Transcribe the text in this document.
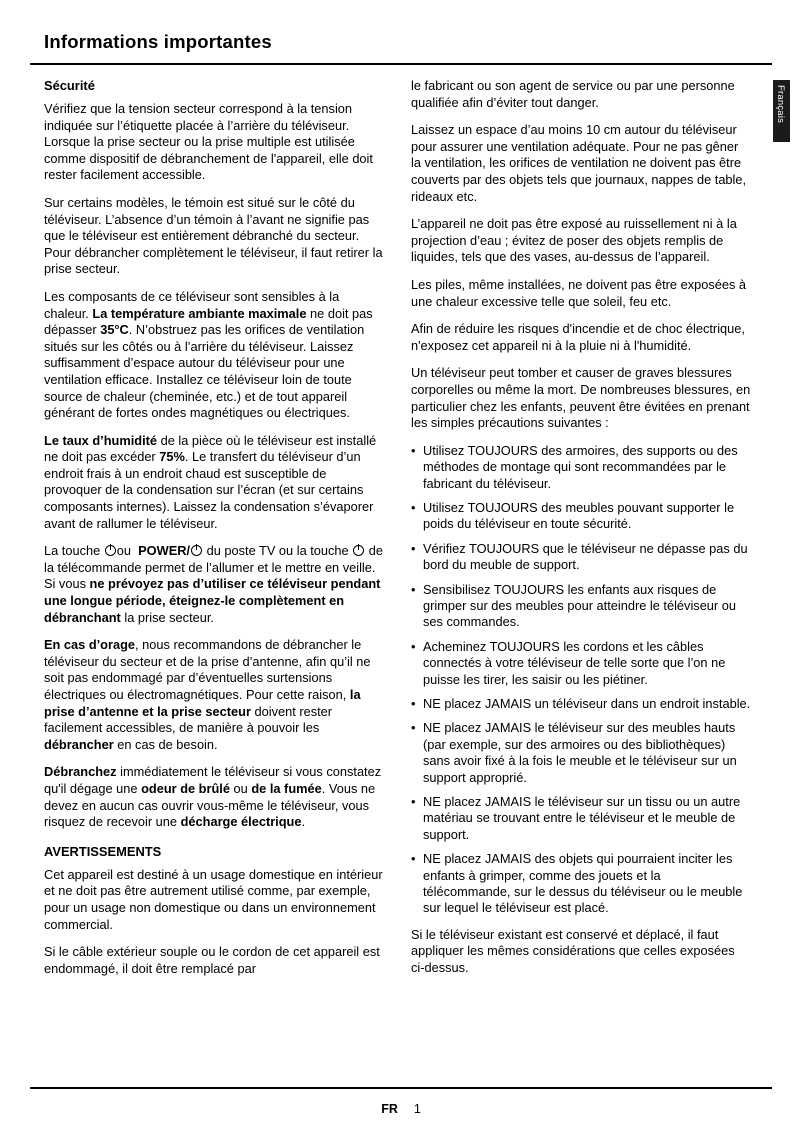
Informations importantes
Français
Sécurité

Vérifiez que la tension secteur correspond à la tension indiquée sur l’étiquette placée à l’arrière du téléviseur. Lorsque la prise secteur ou la prise multiple est utilisée comme dispositif de débranchement de l'appareil, elle doit rester facilement accessible.

Sur certains modèles, le témoin est situé sur le côté du téléviseur. L’absence d’un témoin à l’avant ne signifie pas que le téléviseur est entièrement débranché du secteur. Pour débrancher complètement le téléviseur, il faut retirer la prise secteur.

Les composants de ce téléviseur sont sensibles à la chaleur. La température ambiante maximale ne doit pas dépasser 35°C. N’obstruez pas les orifices de ventilation situés sur les côtés ou à l’arrière du téléviseur. Laissez suffisamment d’espace autour du téléviseur pour une ventilation efficace. Installez ce téléviseur loin de toute source de chaleur (cheminée, etc.) et de tout appareil générant de fortes ondes magnétiques ou électriques.

Le taux d’humidité de la pièce où le téléviseur est installé ne doit pas excéder 75%. Le transfert du téléviseur d’un endroit frais à un endroit chaud est susceptible de provoquer de la condensation sur l’écran (et sur certains composants internes). Laissez la condensation s’évaporer avant de rallumer le téléviseur.

La touche ou POWER/ du poste TV ou la touche de la télécommande permet de l’allumer et le mettre en veille. Si vous ne prévoyez pas d’utiliser ce téléviseur pendant une longue période, éteignez-le complètement en débranchant la prise secteur.

En cas d’orage, nous recommandons de débrancher le téléviseur du secteur et de la prise d’antenne, afin qu’il ne soit pas endommagé par d’éventuelles surtensions électriques ou électromagnétiques. Pour cette raison, la prise d’antenne et la prise secteur doivent rester facilement accessibles, de manière à pouvoir les débrancher en cas de besoin.

Débranchez immédiatement le téléviseur si vous constatez qu'il dégage une odeur de brûlé ou de la fumée. Vous ne devez en aucun cas ouvrir vous-même le téléviseur, vous risquez de recevoir une décharge électrique.

AVERTISSEMENTS

Cet appareil est destiné à un usage domestique en intérieur et ne doit pas être autrement utilisé comme, par exemple, pour un usage non domestique ou dans un environnement commercial.

Si le câble extérieur souple ou le cordon de cet appareil est endommagé, il doit être remplacé par

le fabricant ou son agent de service ou par une personne qualifiée afin d’éviter tout danger.

Laissez un espace d’au moins 10 cm autour du téléviseur pour assurer une ventilation adéquate. Pour ne pas gêner la ventilation, les orifices de ventilation ne doivent pas être couverts par des objets tels que journaux, nappes de table, rideaux etc.

L’appareil ne doit pas être exposé au ruissellement ni à la projection d’eau ; évitez de poser des objets remplis de liquides, tels que des vases, au-dessus de l’appareil.

Les piles, même installées, ne doivent pas être exposées à une chaleur excessive telle que soleil, feu etc.

Afin de réduire les risques d'incendie et de choc électrique, n'exposez cet appareil ni à la pluie ni à l'humidité.

Un téléviseur peut tomber et causer de graves blessures corporelles ou même la mort. De nombreuses blessures, en particulier chez les enfants, peuvent être évitées en prenant les simples précautions suivantes :

• Utilisez TOUJOURS des armoires, des supports ou des méthodes de montage qui sont recommandées par le fabricant du téléviseur.
• Utilisez TOUJOURS des meubles pouvant supporter le poids du téléviseur en toute sécurité.
• Vérifiez TOUJOURS que le téléviseur ne dépasse pas du bord du meuble de support.
• Sensibilisez TOUJOURS les enfants aux risques de grimper sur des meubles pour atteindre le téléviseur ou ses commandes.
• Acheminez TOUJOURS les cordons et les câbles connectés à votre téléviseur de telle sorte que l’on ne puisse les tirer, les saisir ou les piétiner.
• NE placez JAMAIS un téléviseur dans un endroit instable.
• NE placez JAMAIS le téléviseur sur des meubles hauts (par exemple, sur des armoires ou des bibliothèques) sans avoir fixé à la fois le meuble et le téléviseur sur un support approprié.
• NE placez JAMAIS le téléviseur sur un tissu ou un autre matériau se trouvant entre le téléviseur et le meuble de support.
• NE placez JAMAIS des objets qui pourraient inciter les enfants à grimper, comme des jouets et la télécommande, sur le dessus du téléviseur ou le meuble sur lequel le téléviseur est placé.

Si le téléviseur existant est conservé et déplacé, il faut appliquer les mêmes considérations que celles exposées ci-dessus.

FR 1
